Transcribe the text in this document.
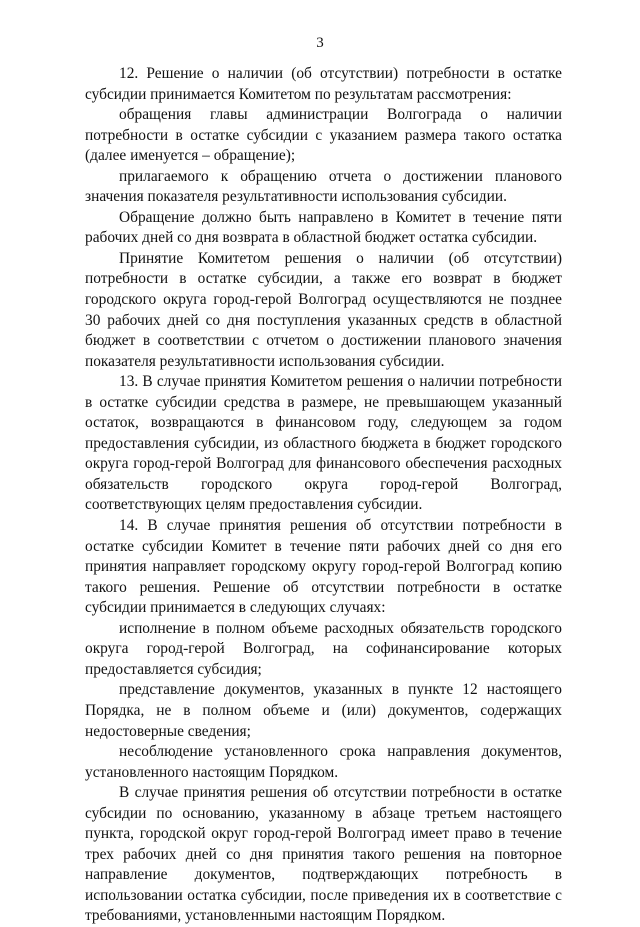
3

12. Решение о наличии (об отсутствии) потребности в остатке субсидии принимается Комитетом по результатам рассмотрения:

обращения главы администрации Волгограда о наличии потребности в остатке субсидии с указанием размера такого остатка (далее именуется – обращение);

прилагаемого к обращению отчета о достижении планового значения показателя результативности использования субсидии.

Обращение должно быть направлено в Комитет в течение пяти рабочих дней со дня возврата в областной бюджет остатка субсидии.

Принятие Комитетом решения о наличии (об отсутствии) потребности в остатке субсидии, а также его возврат в бюджет городского округа город-герой Волгоград осуществляются не позднее 30 рабочих дней со дня поступления указанных средств в областной бюджет в соответствии с отчетом о достижении планового значения показателя результативности использования субсидии.

13. В случае принятия Комитетом решения о наличии потребности в остатке субсидии средства в размере, не превышающем указанный остаток, возвращаются в финансовом году, следующем за годом предоставления субсидии, из областного бюджета в бюджет городского округа город-герой Волгоград для финансового обеспечения расходных обязательств городского округа город-герой Волгоград, соответствующих целям предоставления субсидии.

14. В случае принятия решения об отсутствии потребности в остатке субсидии Комитет в течение пяти рабочих дней со дня его принятия направляет городскому округу город-герой Волгоград копию такого решения. Решение об отсутствии потребности в остатке субсидии принимается в следующих случаях:

исполнение в полном объеме расходных обязательств городского округа город-герой Волгоград, на софинансирование которых предоставляется субсидия;

представление документов, указанных в пункте 12 настоящего Порядка, не в полном объеме и (или) документов, содержащих недостоверные сведения;

несоблюдение установленного срока направления документов, установленного настоящим Порядком.

В случае принятия решения об отсутствии потребности в остатке субсидии по основанию, указанному в абзаце третьем настоящего пункта, городской округ город-герой Волгоград имеет право в течение трех рабочих дней со дня принятия такого решения на повторное направление документов, подтверждающих потребность в использовании остатка субсидии, после приведения их в соответствие с требованиями, установленными настоящим Порядком.
